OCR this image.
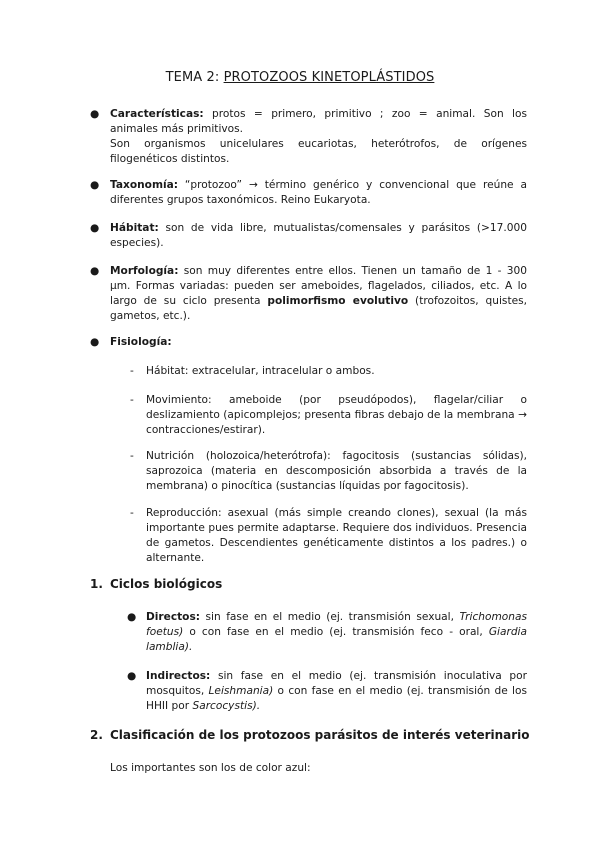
TEMA 2: PROTOZOOS KINETOPLÁSTIDOS
● Características: protos = primero, primitivo ; zoo = animal. Son los animales más primitivos.
Son organismos unicelulares eucariotas, heterótrofos, de orígenes filogenéticos distintos.
● Taxonomía: “protozoo” → término genérico y convencional que reúne a diferentes grupos taxonómicos. Reino Eukaryota.
● Hábitat: son de vida libre, mutualistas/comensales y parásitos (>17.000 especies).
● Morfología: son muy diferentes entre ellos. Tienen un tamaño de 1 - 300 µm. Formas variadas: pueden ser ameboides, flagelados, ciliados, etc. A lo largo de su ciclo presenta polimorfismo evolutivo (trofozoitos, quistes, gametos, etc.).
● Fisiología:
- Hábitat: extracelular, intracelular o ambos.
- Movimiento: ameboide (por pseudópodos), flagelar/ciliar o deslizamiento (apicomplejos; presenta fibras debajo de la membrana → contracciones/estirar).
- Nutrición (holozoica/heterótrofa): fagocitosis (sustancias sólidas), saprozoica (materia en descomposición absorbida a través de la membrana) o pinocítica (sustancias líquidas por fagocitosis).
- Reproducción: asexual (más simple creando clones), sexual (la más importante pues permite adaptarse. Requiere dos individuos. Presencia de gametos. Descendientes genéticamente distintos a los padres.) o alternante.
1. Ciclos biológicos
● Directos: sin fase en el medio (ej. transmisión sexual, Trichomonas foetus) o con fase en el medio (ej. transmisión feco - oral, Giardia lamblia).
● Indirectos: sin fase en el medio (ej. transmisión inoculativa por mosquitos, Leishmania) o con fase en el medio (ej. transmisión de los HHII por Sarcocystis).
2. Clasificación de los protozoos parásitos de interés veterinario
Los importantes son los de color azul:
